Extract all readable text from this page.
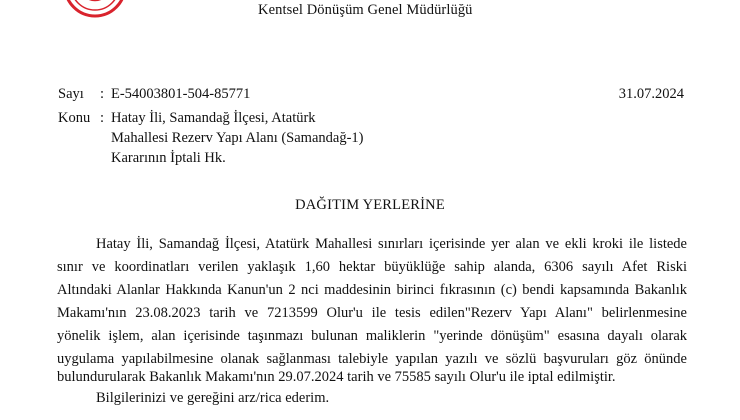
Kentsel Dönüşüm Genel Müdürlüğü
Sayı : E-54003801-504-85771	31.07.2024
Konu : Hatay İli, Samandağ İlçesi, Atatürk
Mahallesi Rezerv Yapı Alanı (Samandağ-1)
Kararının İptali Hk.
DAĞITIM YERLERİNE
Hatay İli, Samandağ İlçesi, Atatürk Mahallesi sınırları içerisinde yer alan ve ekli kroki ile listede
sınır ve koordinatları verilen yaklaşık 1,60 hektar büyüklüğe sahip alanda, 6306 sayılı Afet Riski
Altındaki Alanlar Hakkında Kanun'un 2 nci maddesinin birinci fıkrasının (c) bendi kapsamında Bakanlık
Makamı'nın 23.08.2023 tarih ve 7213599 Olur'u ile tesis edilen"Rezerv Yapı Alanı" belirlenmesine
yönelik işlem, alan içerisinde taşınmazı bulunan maliklerin "yerinde dönüşüm" esasına dayalı olarak
uygulama yapılabilmesine olanak sağlanması talebiyle yapılan yazılı ve sözlü başvuruları göz önünde
bulundurularak Bakanlık Makamı'nın 29.07.2024 tarih ve 75585 sayılı Olur'u ile iptal edilmiştir.
Bilgilerinizi ve gereğini arz/rica ederim.
